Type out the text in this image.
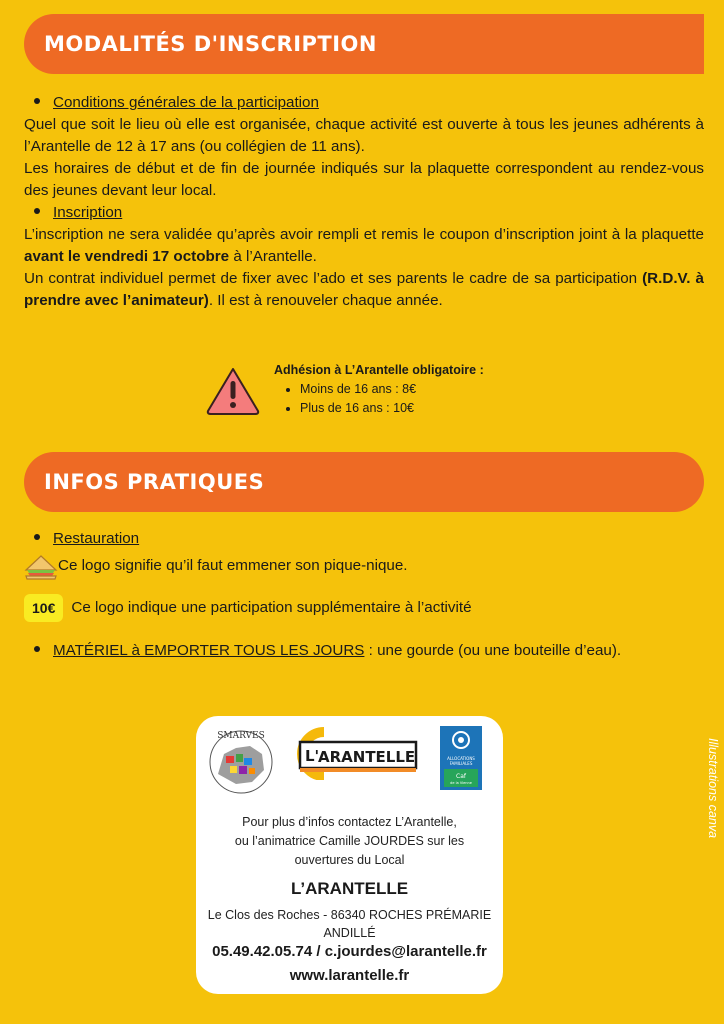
MODALITÉS D'INSCRIPTION
Conditions générales de la participation

Quel que soit le lieu où elle est organisée, chaque activité est ouverte à tous les jeunes adhérents à l’Arantelle de 12 à 17 ans (ou collégien de 11 ans).

Les horaires de début et de fin de journée indiqués sur la plaquette correspondent au rendez-vous des jeunes devant leur local.

Inscription

L’inscription ne sera validée qu’après avoir rempli et remis le coupon d’inscription joint à la plaquette avant le vendredi 17 octobre à l’Arantelle.

Un contrat individuel permet de fixer avec l’ado et ses parents le cadre de sa participation (R.D.V. à prendre avec l’animateur). Il est à renouveler chaque année.

Adhésion à L’Arantelle obligatoire :
• Moins de 16 ans : 8€
• Plus de 16 ans : 10€
INFOS PRATIQUES
Restauration
Ce logo signifie qu’il faut emmener son pique-nique.
10€	Ce logo indique une participation supplémentaire à l’activité
MATÉRIEL à EMPORTER TOUS LES JOURS : une gourde (ou une bouteille d’eau).
SMARVES
L'
ARANTELLE	ALLOCATIONS
FAMILIALES
Caf
de la Vienne
Pour plus d’infos contactez L’Arantelle,
ou l’animatrice Camille JOURDES sur les
ouvertures du Local
L’ARANTELLE
Le Clos des Roches - 86340 ROCHES PRÉMARIE
ANDILLÉ
05.49.42.05.74 / c.jourdes@larantelle.fr
www.larantelle.fr
Illustrations canva
